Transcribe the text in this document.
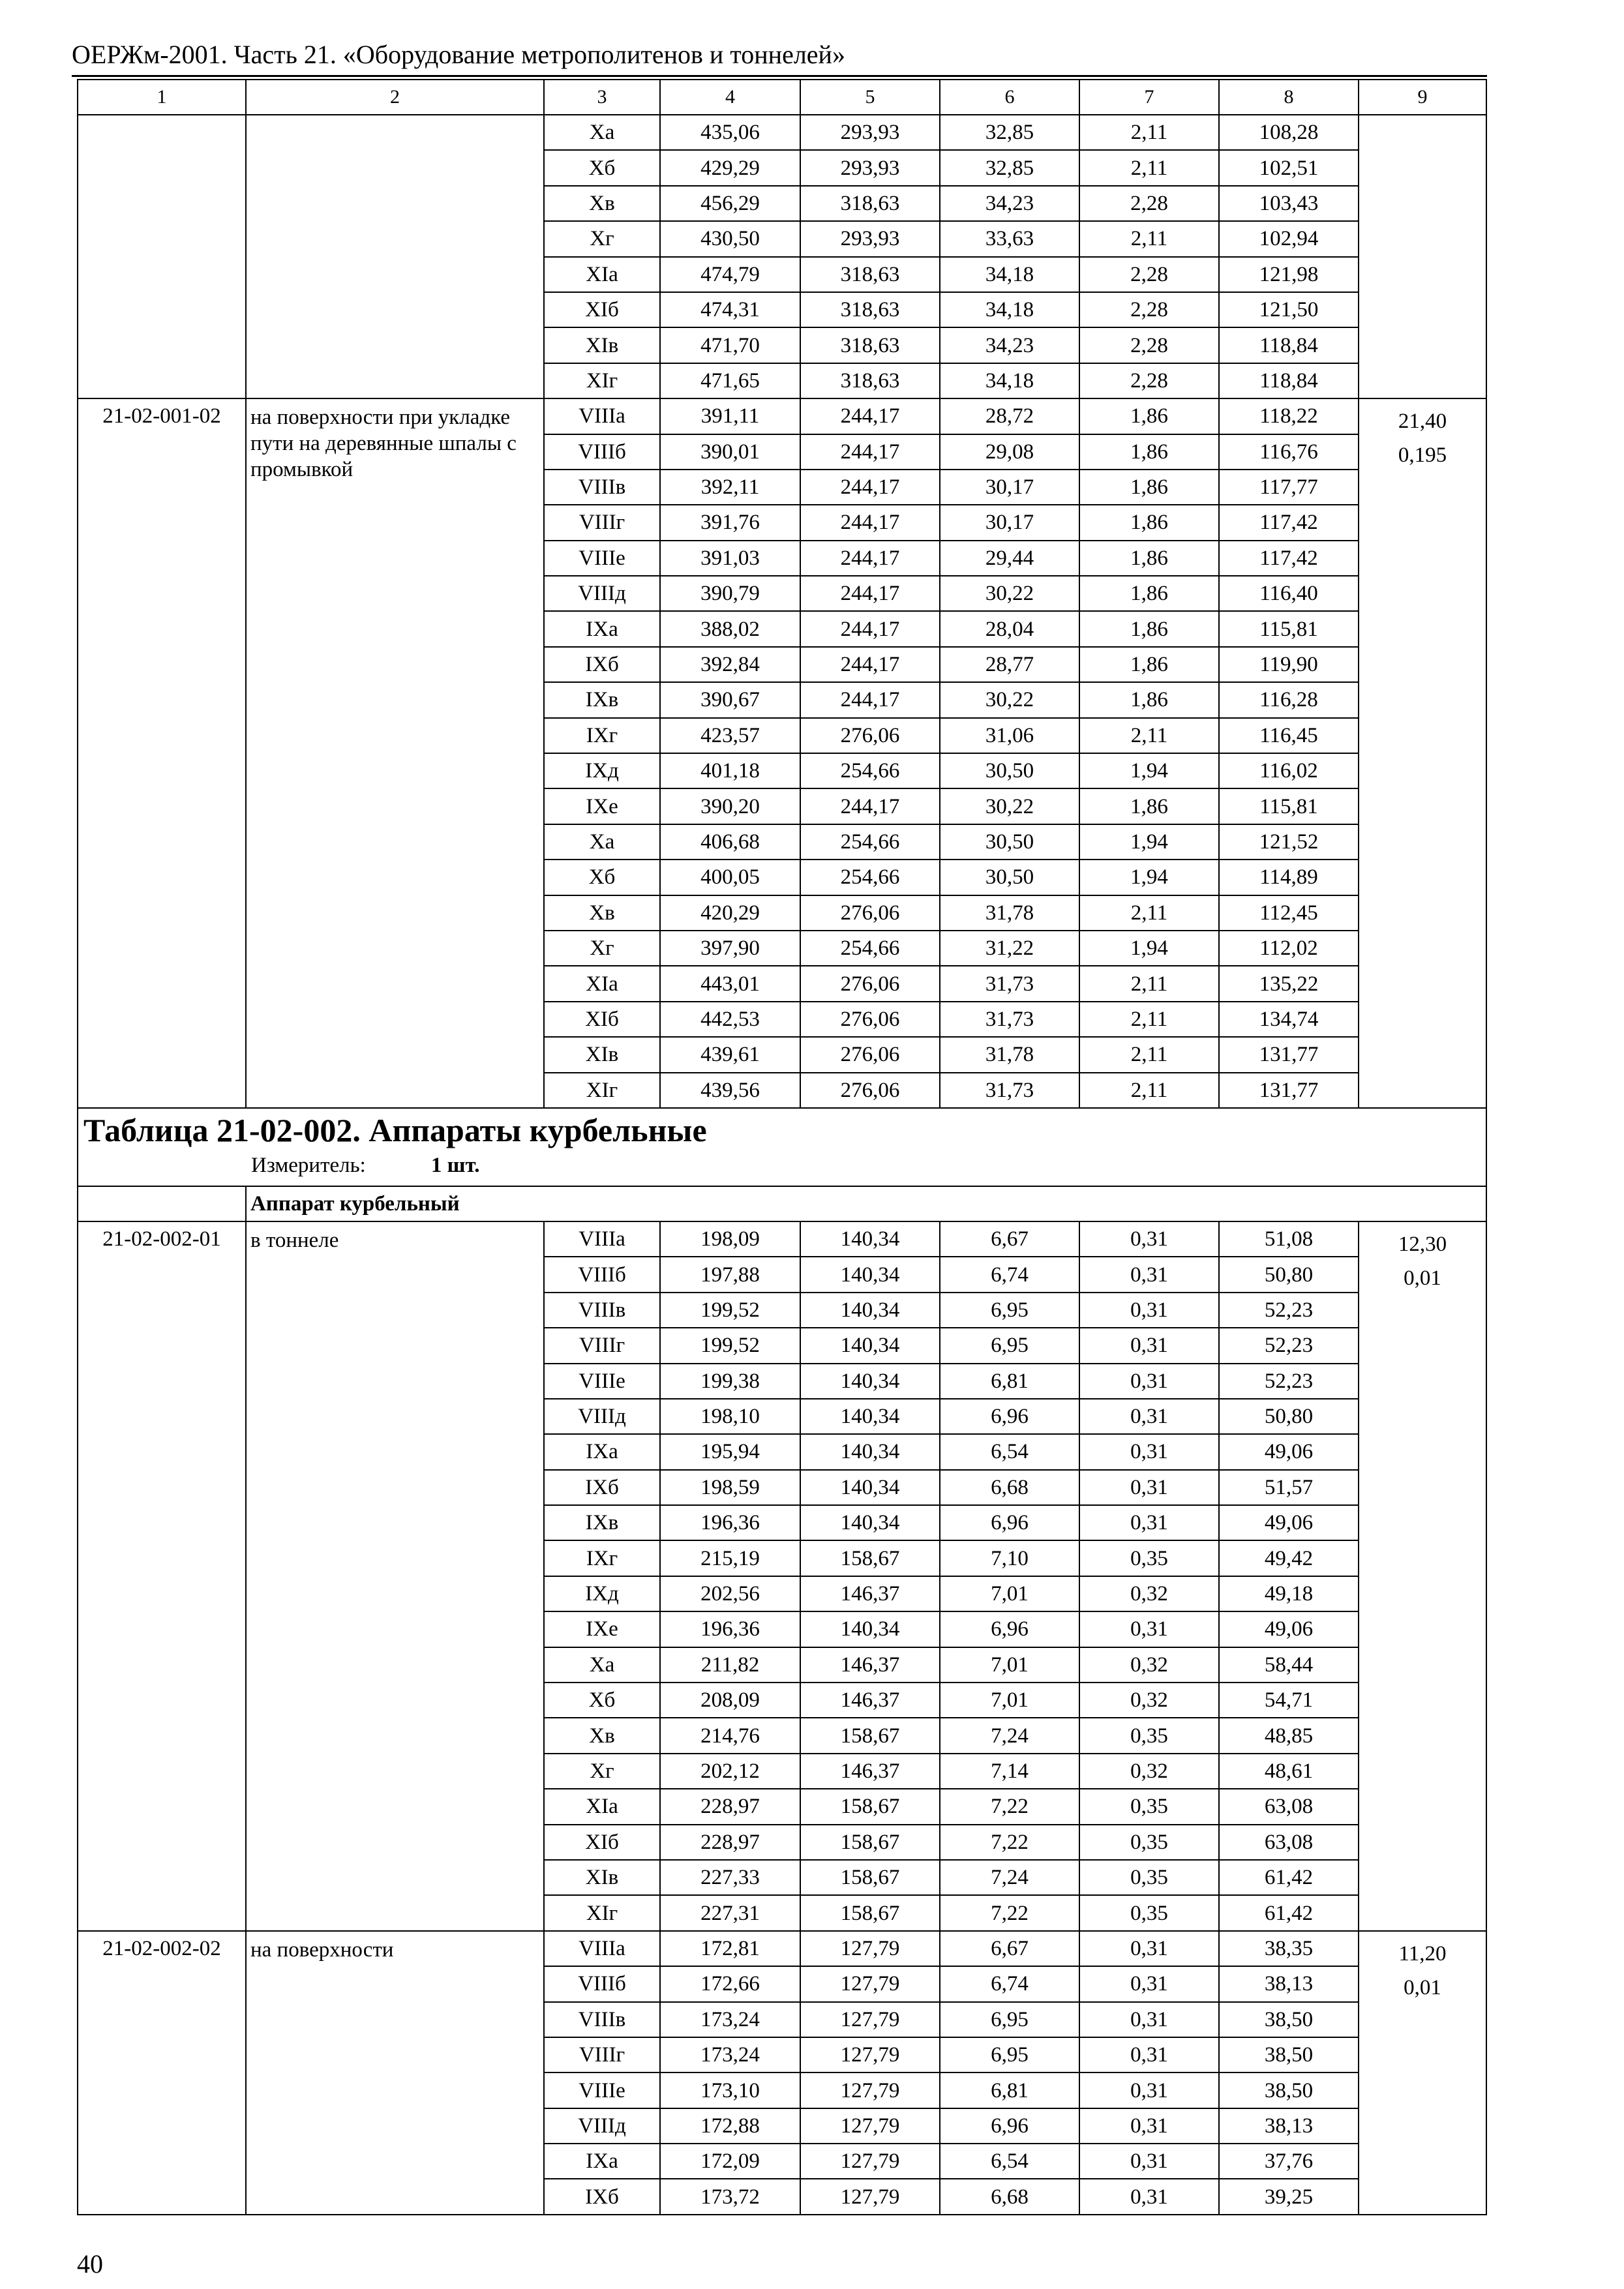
ОЕРЖм-2001. Часть 21. «Оборудование метрополитенов и тоннелей»
1	2	3	4	5	6	7	8	9
		Xa	435,06	293,93	32,85	2,11	108,28	
		Xб	429,29	293,93	32,85	2,11	102,51	
		Xв	456,29	318,63	34,23	2,28	103,43	
		Xг	430,50	293,93	33,63	2,11	102,94	
		XIa	474,79	318,63	34,18	2,28	121,98	
		XIб	474,31	318,63	34,18	2,28	121,50	
		XIв	471,70	318,63	34,23	2,28	118,84	
		XIг	471,65	318,63	34,18	2,28	118,84	
21-02-001-02	на поверхности при укладке пути на деревянные шпалы с промывкой	VIIIa	391,11	244,17	28,72	1,86	118,22	21,40
0,195

		VIIIб	390,01	244,17	29,08	1,86	116,76	
		VIIIв	392,11	244,17	30,17	1,86	117,77	
		VIIIг	391,76	244,17	30,17	1,86	117,42	
		VIIIe	391,03	244,17	29,44	1,86	117,42	
		VIIIд	390,79	244,17	30,22	1,86	116,40	
		IXa	388,02	244,17	28,04	1,86	115,81	
		IXб	392,84	244,17	28,77	1,86	119,90	
		IXв	390,67	244,17	30,22	1,86	116,28	
		IXг	423,57	276,06	31,06	2,11	116,45	
		IXд	401,18	254,66	30,50	1,94	116,02	
		IXe	390,20	244,17	30,22	1,86	115,81	
		Xa	406,68	254,66	30,50	1,94	121,52	
		Xб	400,05	254,66	30,50	1,94	114,89	
		Xв	420,29	276,06	31,78	2,11	112,45	
		Xг	397,90	254,66	31,22	1,94	112,02	
		XIa	443,01	276,06	31,73	2,11	135,22	
		XIб	442,53	276,06	31,73	2,11	134,74	
		XIв	439,61	276,06	31,78	2,11	131,77	
		XIг	439,56	276,06	31,73	2,11	131,77	

Таблица 21-02-002. Аппараты курбельные
Измеритель: 1 шт.								

	Аппарат курбельный							
21-02-002-01	в тоннеле	VIIIa	198,09	140,34	6,67	0,31	51,08	12,30
0,01

		VIIIб	197,88	140,34	6,74	0,31	50,80	
		VIIIв	199,52	140,34	6,95	0,31	52,23	
		VIIIг	199,52	140,34	6,95	0,31	52,23	
		VIIIe	199,38	140,34	6,81	0,31	52,23	
		VIIIд	198,10	140,34	6,96	0,31	50,80	
		IXa	195,94	140,34	6,54	0,31	49,06	
		IXб	198,59	140,34	6,68	0,31	51,57	
		IXв	196,36	140,34	6,96	0,31	49,06	
		IXг	215,19	158,67	7,10	0,35	49,42	
		IXд	202,56	146,37	7,01	0,32	49,18	
		IXe	196,36	140,34	6,96	0,31	49,06	
		Xa	211,82	146,37	7,01	0,32	58,44	
		Xб	208,09	146,37	7,01	0,32	54,71	
		Xв	214,76	158,67	7,24	0,35	48,85	
		Xг	202,12	146,37	7,14	0,32	48,61	
		XIa	228,97	158,67	7,22	0,35	63,08	
		XIб	228,97	158,67	7,22	0,35	63,08	
		XIв	227,33	158,67	7,24	0,35	61,42	
		XIг	227,31	158,67	7,22	0,35	61,42	
21-02-002-02	на поверхности	VIIIa	172,81	127,79	6,67	0,31	38,35	11,20
0,01

		VIIIб	172,66	127,79	6,74	0,31	38,13	
		VIIIв	173,24	127,79	6,95	0,31	38,50	
		VIIIг	173,24	127,79	6,95	0,31	38,50	
		VIIIe	173,10	127,79	6,81	0,31	38,50	
		VIIIд	172,88	127,79	6,96	0,31	38,13	
		IXa	172,09	127,79	6,54	0,31	37,76	
		IXб	173,72	127,79	6,68	0,31	39,25	
40
